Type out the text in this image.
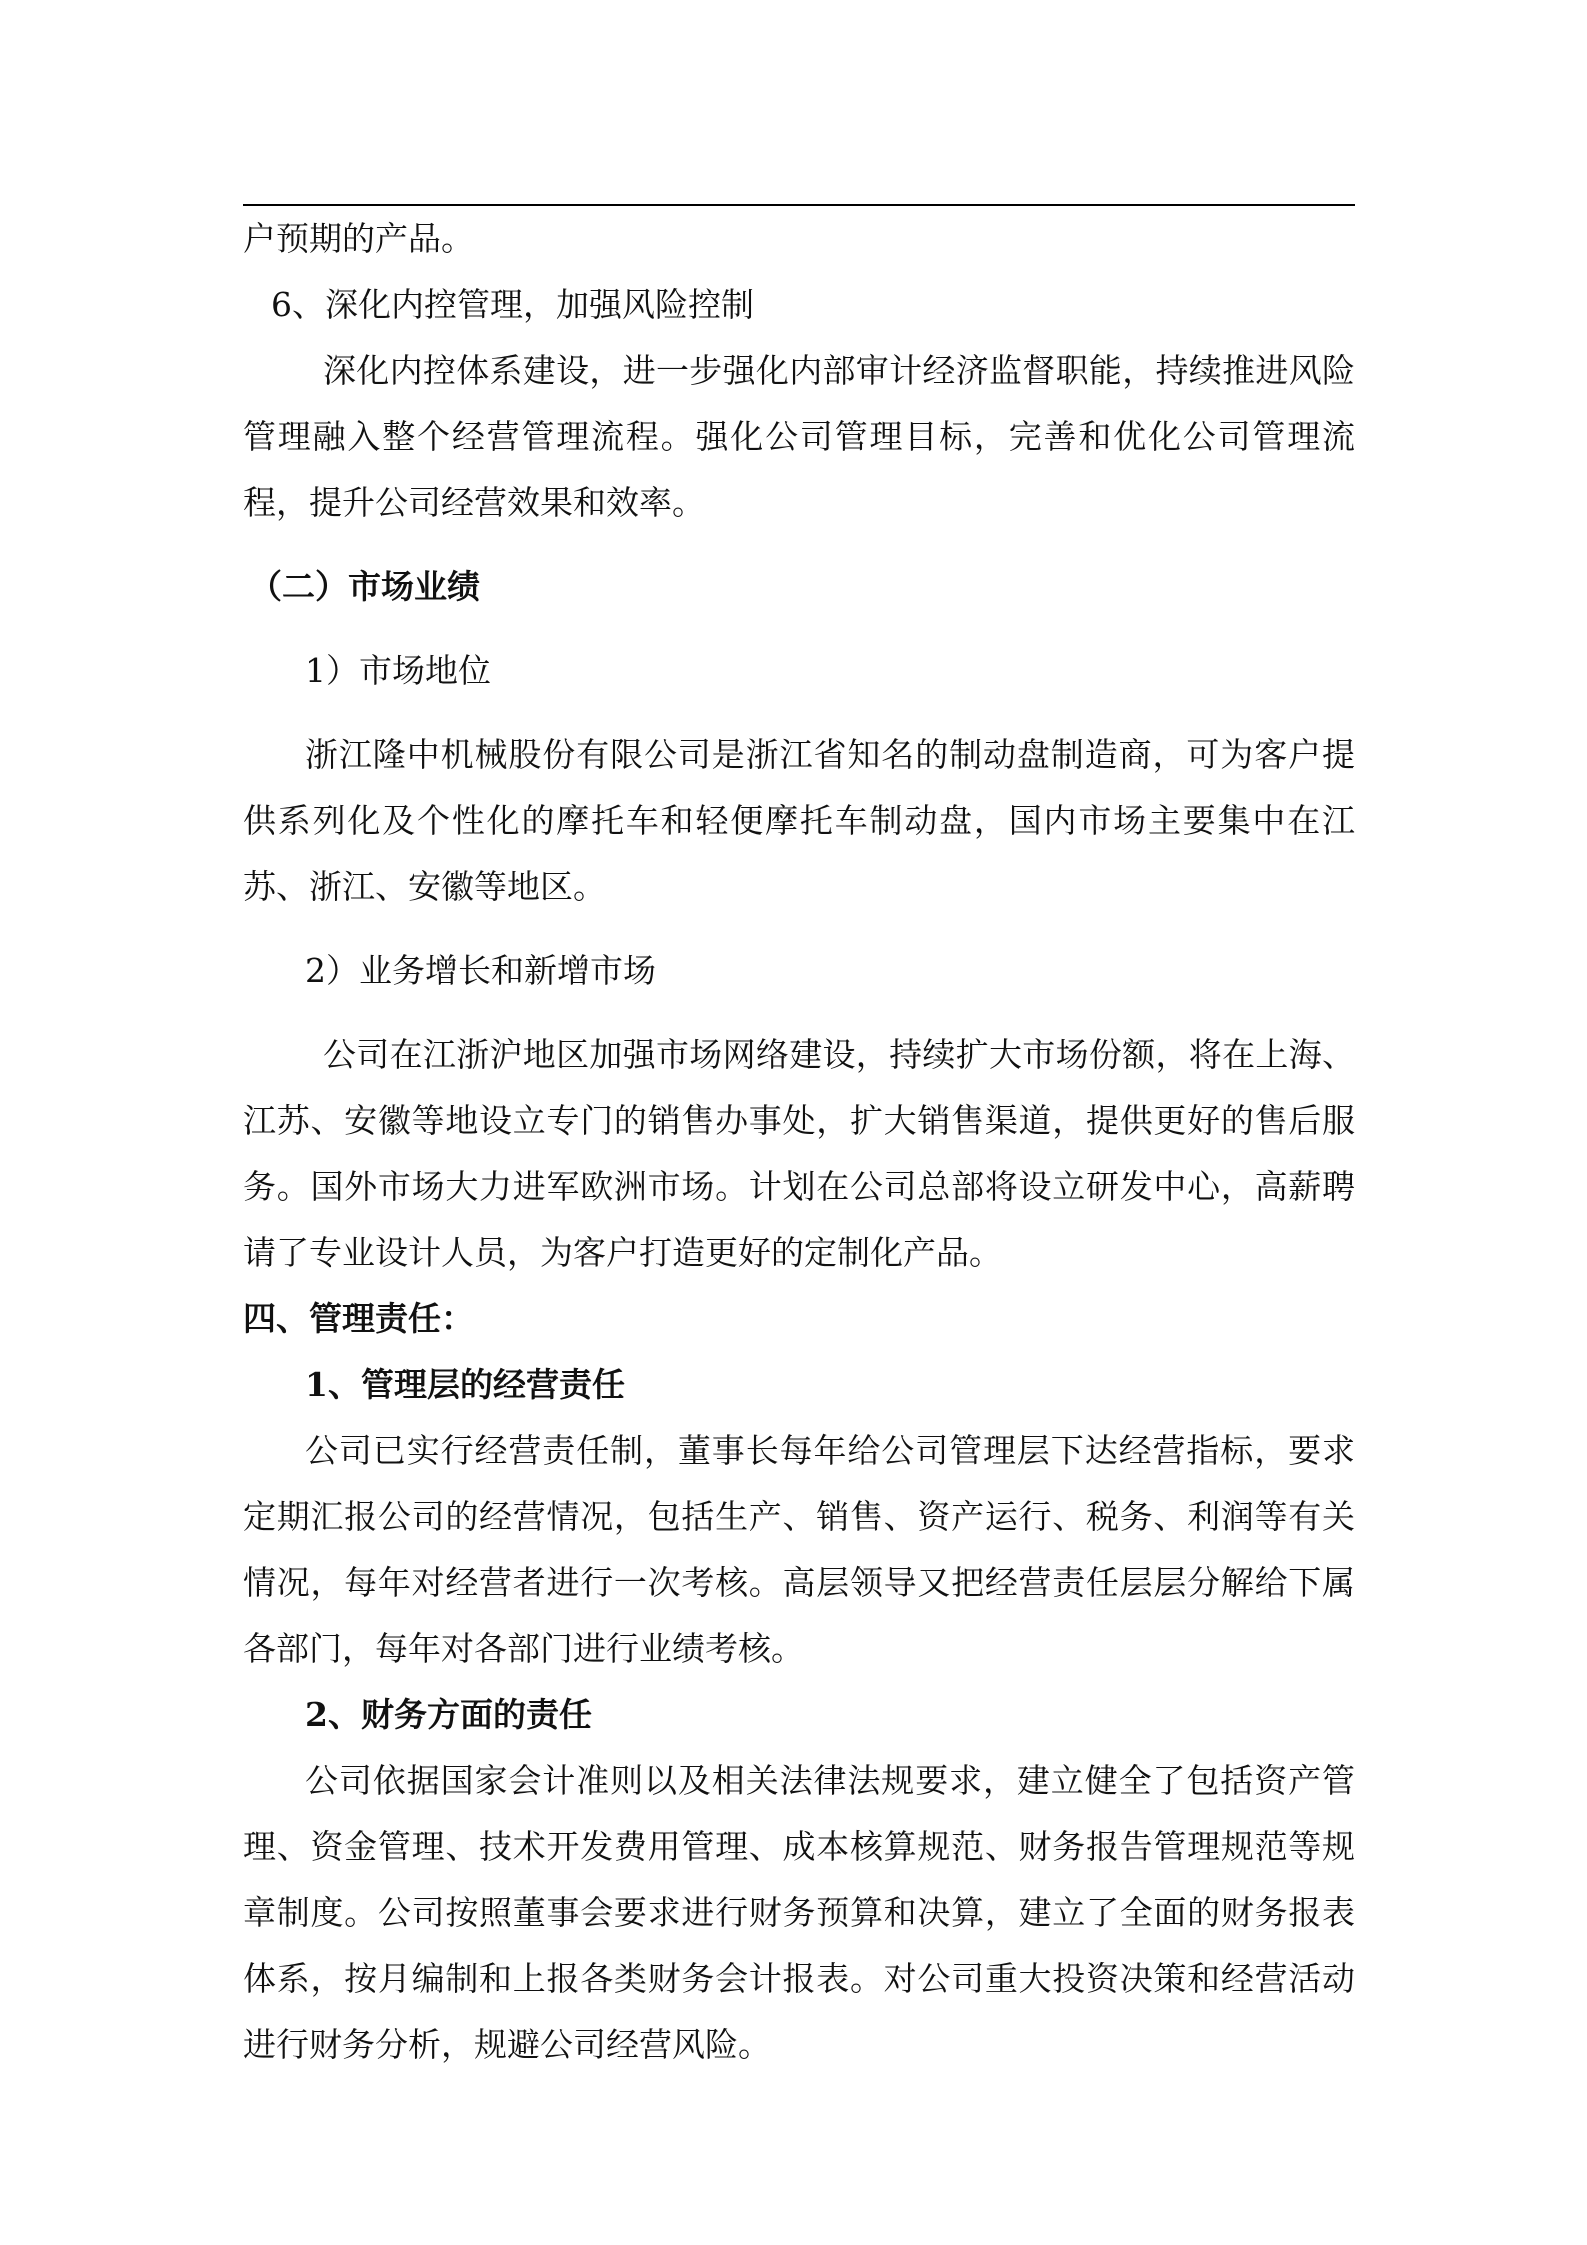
户预期的产品。

6、深化内控管理，加强风险控制

深化内控体系建设，进一步强化内部审计经济监督职能，持续推进风险管理融入整个经营管理流程。强化公司管理目标，完善和优化公司管理流程，提升公司经营效果和效率。

（二）市场业绩

1）市场地位

浙江隆中机械股份有限公司是浙江省知名的制动盘制造商，可为客户提供系列化及个性化的摩托车和轻便摩托车制动盘，国内市场主要集中在江苏、浙江、安徽等地区。

2）业务增长和新增市场

公司在江浙沪地区加强市场网络建设，持续扩大市场份额，将在上海、江苏、安徽等地设立专门的销售办事处，扩大销售渠道，提供更好的售后服务。国外市场大力进军欧洲市场。计划在公司总部将设立研发中心，高薪聘请了专业设计人员，为客户打造更好的定制化产品。

四、管理责任：

1、管理层的经营责任

公司已实行经营责任制，董事长每年给公司管理层下达经营指标，要求定期汇报公司的经营情况，包括生产、销售、资产运行、税务、利润等有关情况，每年对经营者进行一次考核。高层领导又把经营责任层层分解给下属各部门，每年对各部门进行业绩考核。

2、财务方面的责任

公司依据国家会计准则以及相关法律法规要求，建立健全了包括资产管理、资金管理、技术开发费用管理、成本核算规范、财务报告管理规范等规章制度。公司按照董事会要求进行财务预算和决算，建立了全面的财务报表体系，按月编制和上报各类财务会计报表。对公司重大投资决策和经营活动进行财务分析，规避公司经营风险。
